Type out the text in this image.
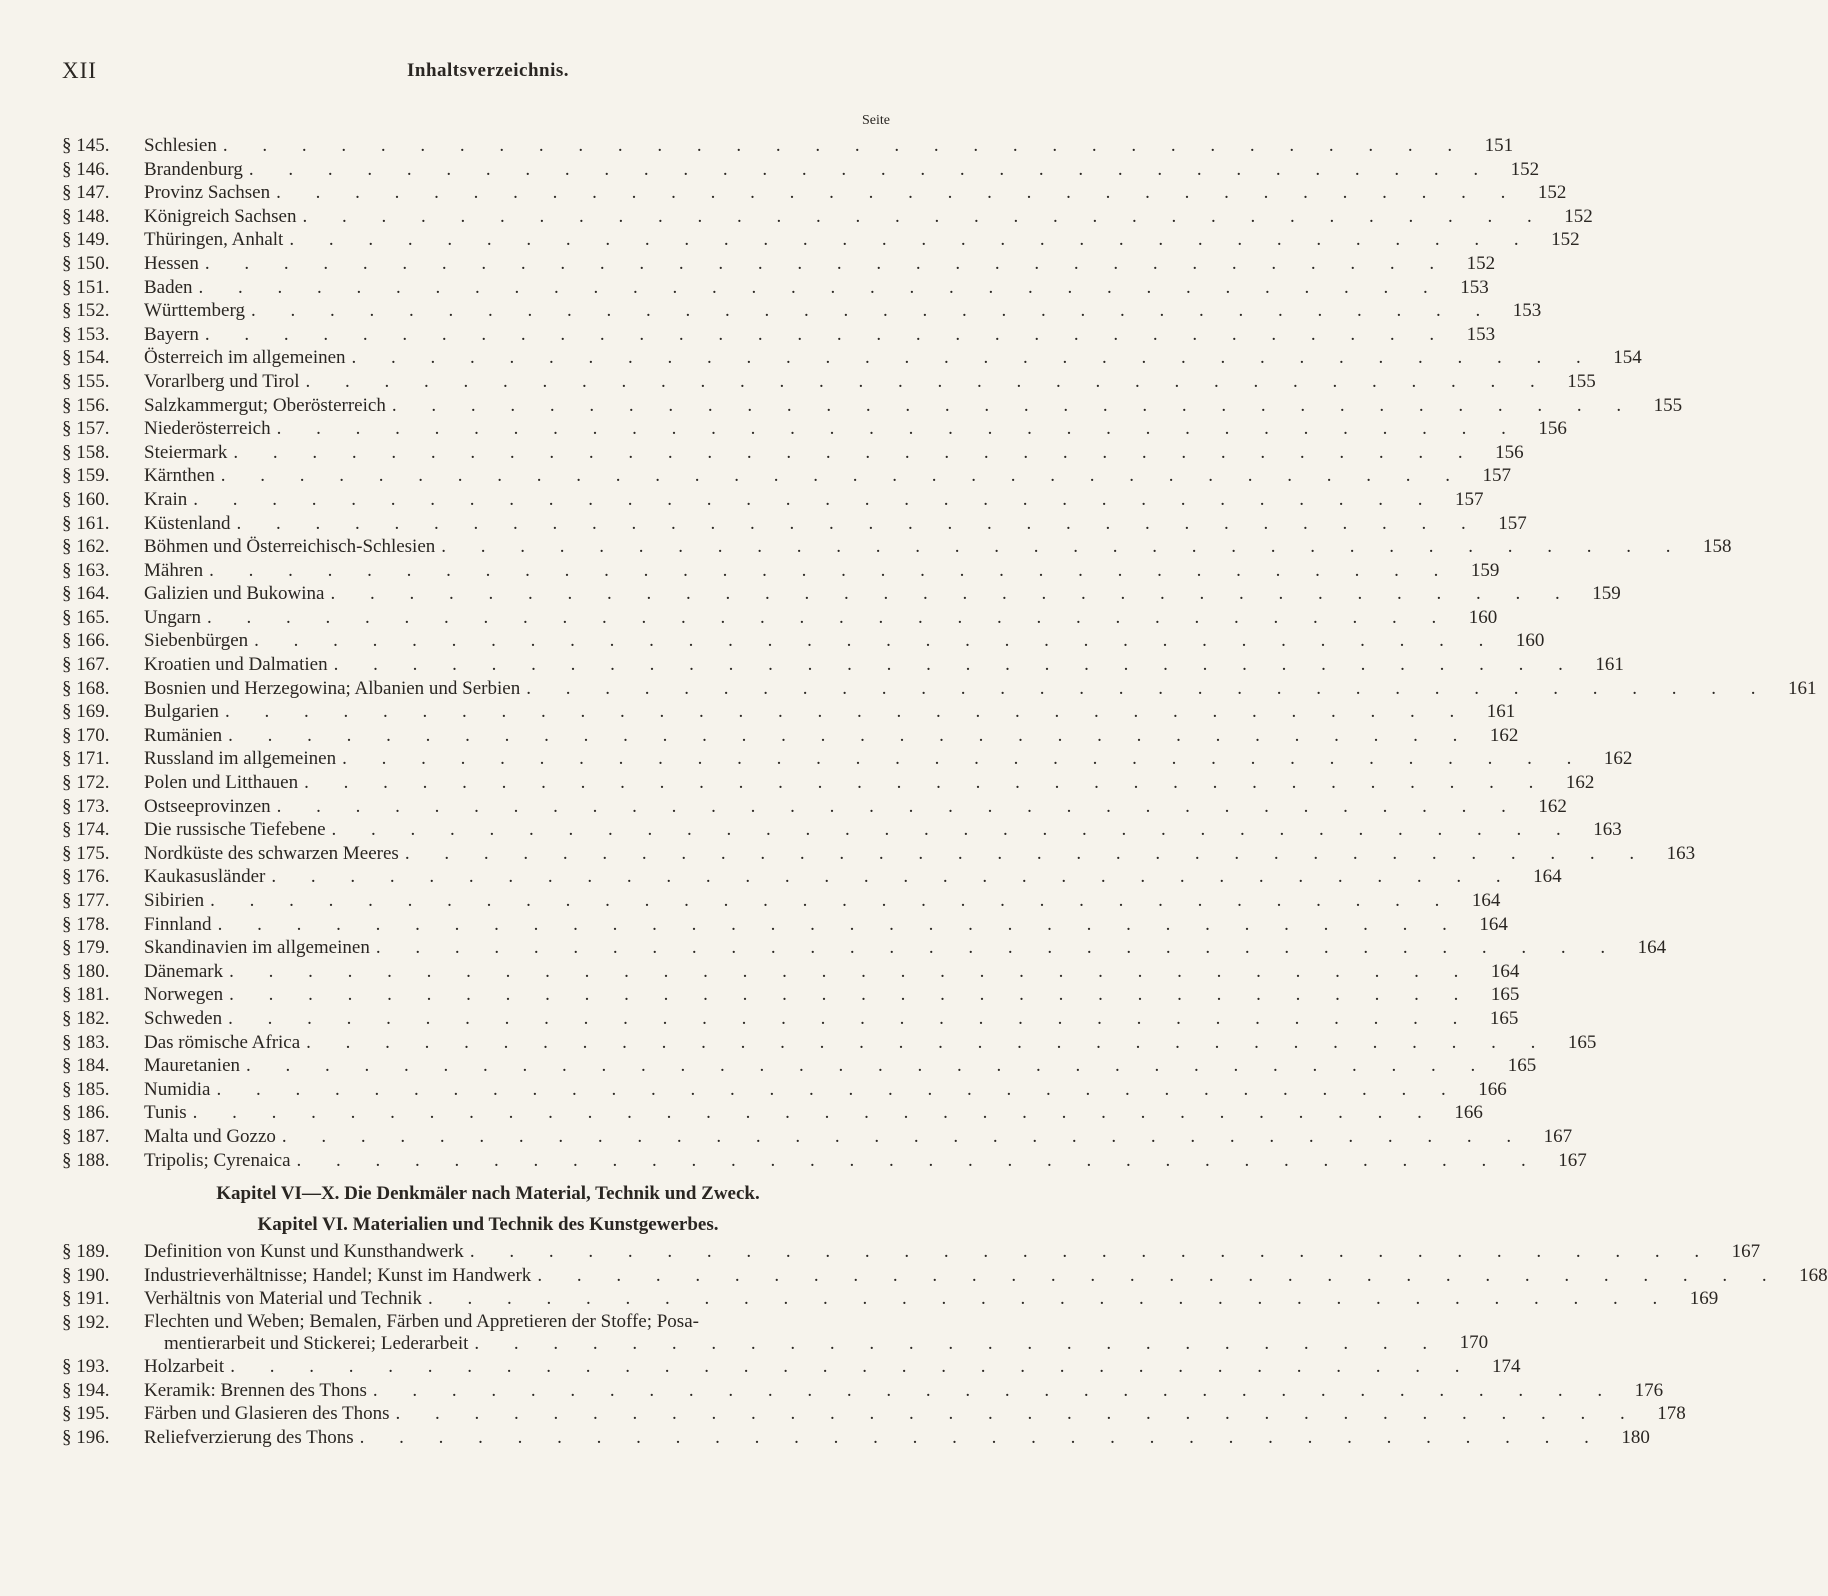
XII	Inhaltsverzeichnis.
Seite
§ 145.	Schlesien . . . . . . . . . . . . . . . . . . . . . . . . . . . . . . . . 151
§ 146.	Brandenburg . . . . . . . . . . . . . . . . . . . . . . . . . . . . . . . . 152
§ 147.	Provinz Sachsen . . . . . . . . . . . . . . . . . . . . . . . . . . . . . . . . 152
§ 148.	Königreich Sachsen . . . . . . . . . . . . . . . . . . . . . . . . . . . . . . . . 152
§ 149.	Thüringen, Anhalt . . . . . . . . . . . . . . . . . . . . . . . . . . . . . . . . 152
§ 150.	Hessen . . . . . . . . . . . . . . . . . . . . . . . . . . . . . . . . 152
§ 151.	Baden . . . . . . . . . . . . . . . . . . . . . . . . . . . . . . . . 153
§ 152.	Württemberg . . . . . . . . . . . . . . . . . . . . . . . . . . . . . . . . 153
§ 153.	Bayern . . . . . . . . . . . . . . . . . . . . . . . . . . . . . . . . 153
§ 154.	Österreich im allgemeinen . . . . . . . . . . . . . . . . . . . . . . . . . . . . . . . . 154
§ 155.	Vorarlberg und Tirol . . . . . . . . . . . . . . . . . . . . . . . . . . . . . . . . 155
§ 156.	Salzkammergut; Oberösterreich . . . . . . . . . . . . . . . . . . . . . . . . . . . . . . . . 155
§ 157.	Niederösterreich . . . . . . . . . . . . . . . . . . . . . . . . . . . . . . . . 156
§ 158.	Steiermark . . . . . . . . . . . . . . . . . . . . . . . . . . . . . . . . 156
§ 159.	Kärnthen . . . . . . . . . . . . . . . . . . . . . . . . . . . . . . . . 157
§ 160.	Krain . . . . . . . . . . . . . . . . . . . . . . . . . . . . . . . . 157
§ 161.	Küstenland . . . . . . . . . . . . . . . . . . . . . . . . . . . . . . . . 157
§ 162.	Böhmen und Österreichisch-Schlesien . . . . . . . . . . . . . . . . . . . . . . . . . . . . . . . . 158
§ 163.	Mähren . . . . . . . . . . . . . . . . . . . . . . . . . . . . . . . . 159
§ 164.	Galizien und Bukowina . . . . . . . . . . . . . . . . . . . . . . . . . . . . . . . . 159
§ 165.	Ungarn . . . . . . . . . . . . . . . . . . . . . . . . . . . . . . . . 160
§ 166.	Siebenbürgen . . . . . . . . . . . . . . . . . . . . . . . . . . . . . . . . 160
§ 167.	Kroatien und Dalmatien . . . . . . . . . . . . . . . . . . . . . . . . . . . . . . . . 161
§ 168.	Bosnien und Herzegowina; Albanien und Serbien . . . . . . . . . . . . . . . . . . . . . . . . . . . . . . . . 161
§ 169.	Bulgarien . . . . . . . . . . . . . . . . . . . . . . . . . . . . . . . . 161
§ 170.	Rumänien . . . . . . . . . . . . . . . . . . . . . . . . . . . . . . . . 162
§ 171.	Russland im allgemeinen . . . . . . . . . . . . . . . . . . . . . . . . . . . . . . . . 162
§ 172.	Polen und Litthauen . . . . . . . . . . . . . . . . . . . . . . . . . . . . . . . . 162
§ 173.	Ostseeprovinzen . . . . . . . . . . . . . . . . . . . . . . . . . . . . . . . . 162
§ 174.	Die russische Tiefebene . . . . . . . . . . . . . . . . . . . . . . . . . . . . . . . . 163
§ 175.	Nordküste des schwarzen Meeres . . . . . . . . . . . . . . . . . . . . . . . . . . . . . . . . 163
§ 176.	Kaukasusländer . . . . . . . . . . . . . . . . . . . . . . . . . . . . . . . . 164
§ 177.	Sibirien . . . . . . . . . . . . . . . . . . . . . . . . . . . . . . . . 164
§ 178.	Finnland . . . . . . . . . . . . . . . . . . . . . . . . . . . . . . . . 164
§ 179.	Skandinavien im allgemeinen . . . . . . . . . . . . . . . . . . . . . . . . . . . . . . . . 164
§ 180.	Dänemark . . . . . . . . . . . . . . . . . . . . . . . . . . . . . . . . 164
§ 181.	Norwegen . . . . . . . . . . . . . . . . . . . . . . . . . . . . . . . . 165
§ 182.	Schweden . . . . . . . . . . . . . . . . . . . . . . . . . . . . . . . . 165
§ 183.	Das römische Africa . . . . . . . . . . . . . . . . . . . . . . . . . . . . . . . . 165
§ 184.	Mauretanien . . . . . . . . . . . . . . . . . . . . . . . . . . . . . . . . 165
§ 185.	Numidia . . . . . . . . . . . . . . . . . . . . . . . . . . . . . . . . 166
§ 186.	Tunis . . . . . . . . . . . . . . . . . . . . . . . . . . . . . . . . 166
§ 187.	Malta und Gozzo . . . . . . . . . . . . . . . . . . . . . . . . . . . . . . . . 167
§ 188.	Tripolis; Cyrenaica . . . . . . . . . . . . . . . . . . . . . . . . . . . . . . . . 167
Kapitel VI—X. Die Denkmäler nach Material, Technik und Zweck.
Kapitel VI. Materialien und Technik des Kunstgewerbes.
§ 189.	Definition von Kunst und Kunsthandwerk . . . . . . . . . . . . . . . . . . . . . . . . . . . . . . . . 167
§ 190.	Industrieverhältnisse; Handel; Kunst im Handwerk . . . . . . . . . . . . . . . . . . . . . . . . . . . . . . . . 168
§ 191.	Verhältnis von Material und Technik . . . . . . . . . . . . . . . . . . . . . . . . . . . . . . . . 169
§ 192.	Flechten und Weben; Bemalen, Färben und Appretieren der Stoffe; Posa-
mentierarbeit und Stickerei; Lederarbeit . . . . . . . . . . . . . . . . . . . . . . . . . 170
§ 193.	Holzarbeit . . . . . . . . . . . . . . . . . . . . . . . . . . . . . . . . 174
§ 194.	Keramik: Brennen des Thons . . . . . . . . . . . . . . . . . . . . . . . . . . . . . . . . 176
§ 195.	Färben und Glasieren des Thons . . . . . . . . . . . . . . . . . . . . . . . . . . . . . . . . 178
§ 196.	Reliefverzierung des Thons . . . . . . . . . . . . . . . . . . . . . . . . . . . . . . . . 180
